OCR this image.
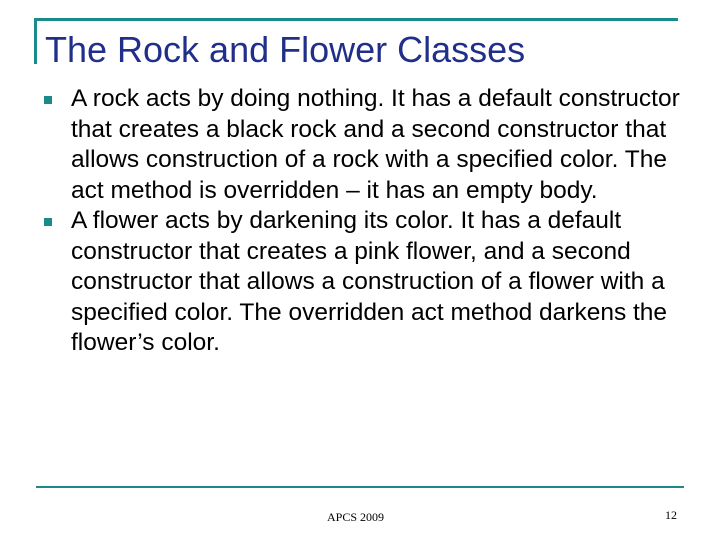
The Rock and Flower Classes
A rock acts by doing nothing. It has a default constructor that creates a black rock and a second constructor that allows construction of a rock with a specified color. The act method is overridden – it has an empty body.
A flower acts by darkening its color. It has a default constructor that creates a pink flower, and a second constructor that allows a construction of a flower with a specified color. The overridden act method darkens the flower’s color.
APCS 2009	12
